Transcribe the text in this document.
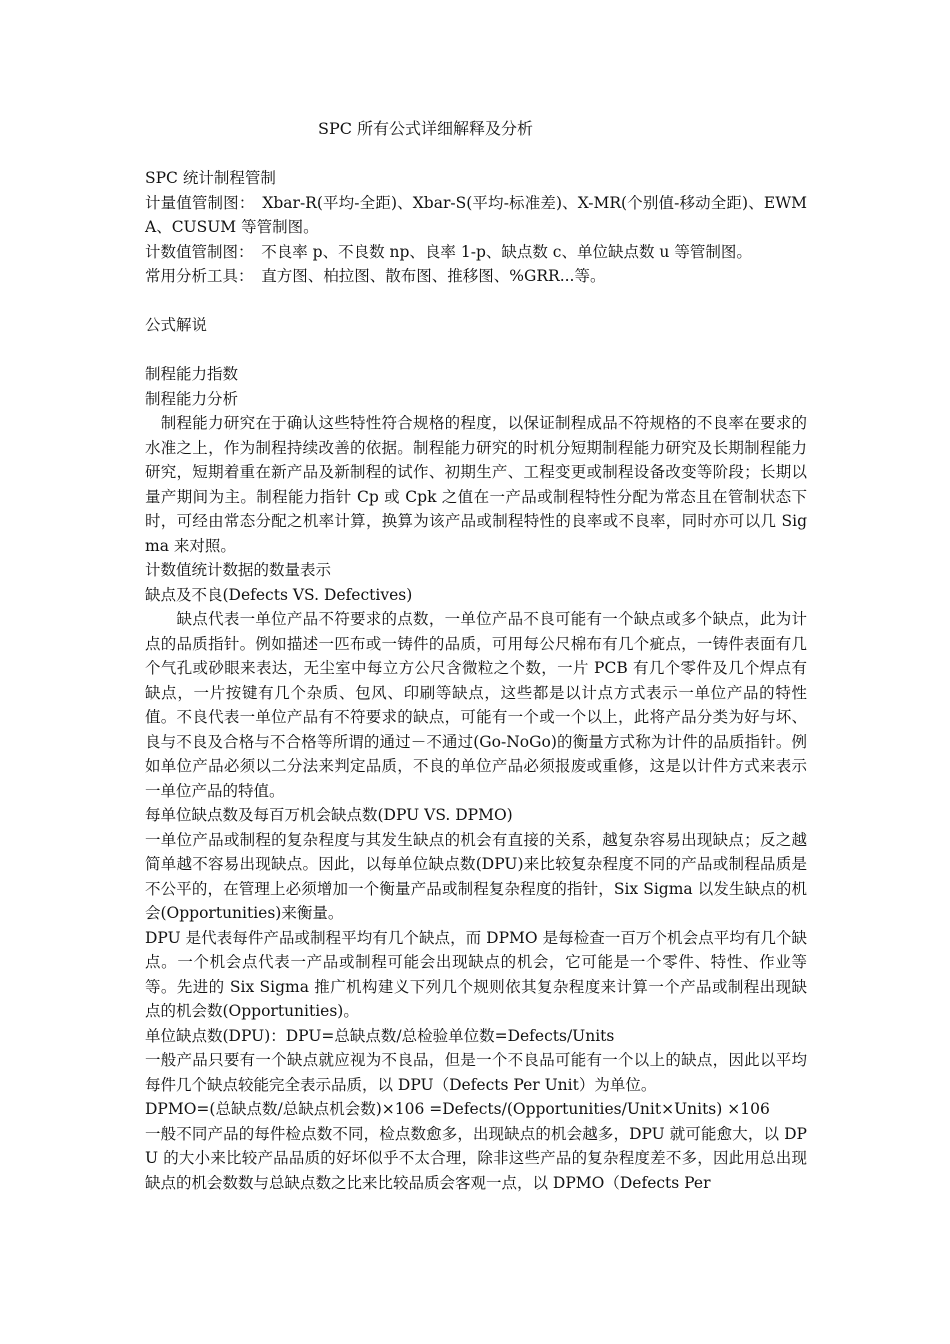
SPC 所有公式详细解释及分析
SPC 统计制程管制
计量值管制图：　Xbar-R(平均-全距)、Xbar-S(平均-标准差)、X-MR(个别值-移动全距)、EWMA、CUSUM 等管制图。
计数值管制图：　不良率 p、不良数 np、良率 1-p、缺点数 c、单位缺点数 u 等管制图。
常用分析工具：　直方图、柏拉图、散布图、推移图、%GRR...等。
公式解说
制程能力指数
制程能力分析
　制程能力研究在于确认这些特性符合规格的程度，以保证制程成品不符规格的不良率在要求的水准之上，作为制程持续改善的依据。制程能力研究的时机分短期制程能力研究及长期制程能力研究，短期着重在新产品及新制程的试作、初期生产、工程变更或制程设备改变等阶段；长期以量产期间为主。制程能力指针 Cp 或 Cpk 之值在一产品或制程特性分配为常态且在管制状态下时，可经由常态分配之机率计算，换算为该产品或制程特性的良率或不良率，同时亦可以几 Sigma 来对照。
计数值统计数据的数量表示
缺点及不良(Defects VS. Defectives)
　　缺点代表一单位产品不符要求的点数，一单位产品不良可能有一个缺点或多个缺点，此为计点的品质指针。例如描述一匹布或一铸件的品质，可用每公尺棉布有几个疵点，一铸件表面有几个气孔或砂眼来表达，无尘室中每立方公尺含微粒之个数，一片 PCB 有几个零件及几个焊点有缺点，一片按键有几个杂质、包风、印刷等缺点，这些都是以计点方式表示一单位产品的特性值。不良代表一单位产品有不符要求的缺点，可能有一个或一个以上，此将产品分类为好与坏、良与不良及合格与不合格等所谓的通过－不通过(Go-NoGo)的衡量方式称为计件的品质指针。例如单位产品必须以二分法来判定品质，不良的单位产品必须报废或重修，这是以计件方式来表示一单位产品的特值。
每单位缺点数及每百万机会缺点数(DPU VS. DPMO)
一单位产品或制程的复杂程度与其发生缺点的机会有直接的关系，越复杂容易出现缺点；反之越简单越不容易出现缺点。因此，以每单位缺点数(DPU)来比较复杂程度不同的产品或制程品质是不公平的，在管理上必须增加一个衡量产品或制程复杂程度的指针，Six Sigma 以发生缺点的机会(Opportunities)来衡量。
DPU 是代表每件产品或制程平均有几个缺点，而 DPMO 是每检查一百万个机会点平均有几个缺点。一个机会点代表一产品或制程可能会出现缺点的机会，它可能是一个零件、特性、作业等等。先进的 Six Sigma 推广机构建义下列几个规则依其复杂程度来计算一个产品或制程出现缺点的机会数(Opportunities)。
单位缺点数(DPU)：DPU=总缺点数/总检验单位数=Defects/Units
一般产品只要有一个缺点就应视为不良品，但是一个不良品可能有一个以上的缺点，因此以平均每件几个缺点较能完全表示品质，以 DPU（Defects Per Unit）为单位。
DPMO=(总缺点数/总缺点机会数)×106 =Defects/(Opportunities/Unit×Units) ×106
一般不同产品的每件检点数不同，检点数愈多，出现缺点的机会越多，DPU 就可能愈大，以 DPU 的大小来比较产品品质的好坏似乎不太合理，除非这些产品的复杂程度差不多，因此用总出现缺点的机会数数与总缺点数之比来比较品质会客观一点，以 DPMO（Defects Per
